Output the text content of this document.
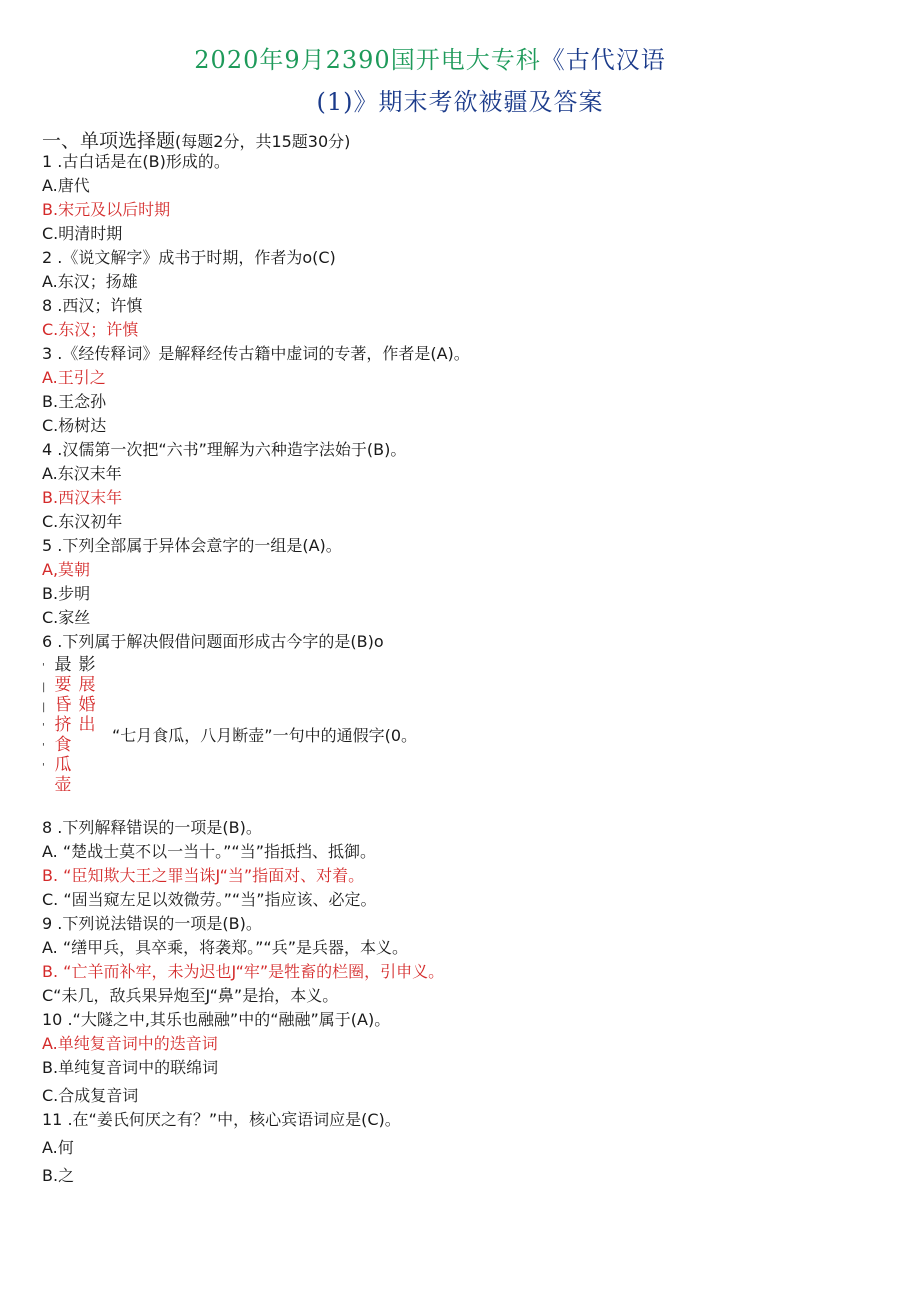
2020年9月2390国开电大专科《古代汉语
(1)》期末考欲被疆及答案
一、单项选择题(每题2分，共15题30分)
1 .古白话是在(B)形成的。
A.唐代
B.宋元及以后时期
C.明清时期
2 .《说文解字》成书于时期，作者为o(C)
A.东汉；扬雄
8 .西汉；许慎
C.东汉；许慎
3 .《经传释词》是解释经传古籍中虚词的专著，作者是(A)。
A.王引之
B.王念孙
C.杨树达
4 .汉儒第一次把“六书”理解为六种造字法始于(B)。
A.东汉末年
B.西汉末年
C.东汉初年
5 .下列全部属于异体会意字的一组是(A)。
A,莫朝
B.步明
C.家丝
6 .下列属于解决假借问题面形成古今字的是(B)o
'
|
|
'
'
'
最
要
昏
挤
食
瓜
壶
影
展
婚
出
“七月食瓜，八月断壶”一句中的通假字(0。
8 .下列解释错误的一项是(B)。
A. “楚战士莫不以一当十。”“当”指抵挡、抵御。
B. “臣知欺大王之罪当诛J“当”指面对、对着。
C. “固当窥左足以效微劳。”“当”指应该、必定。
9 .下列说法错误的一项是(B)。
A. “缮甲兵，具卒乘，将袭郑。”“兵”是兵器，本义。
B. “亡羊而补牢，未为迟也J“牢”是牲畜的栏圈，引申义。
C“未几，敌兵果异炮至J“鼻”是抬，本义。
10 .“大隧之中,其乐也融融”中的“融融”属于(A)。
A.单纯复音词中的迭音词
B.单纯复音词中的联绵词
C.合成复音词
11 .在“姜氏何厌之有？”中，核心宾语词应是(C)。
A.何
B.之
